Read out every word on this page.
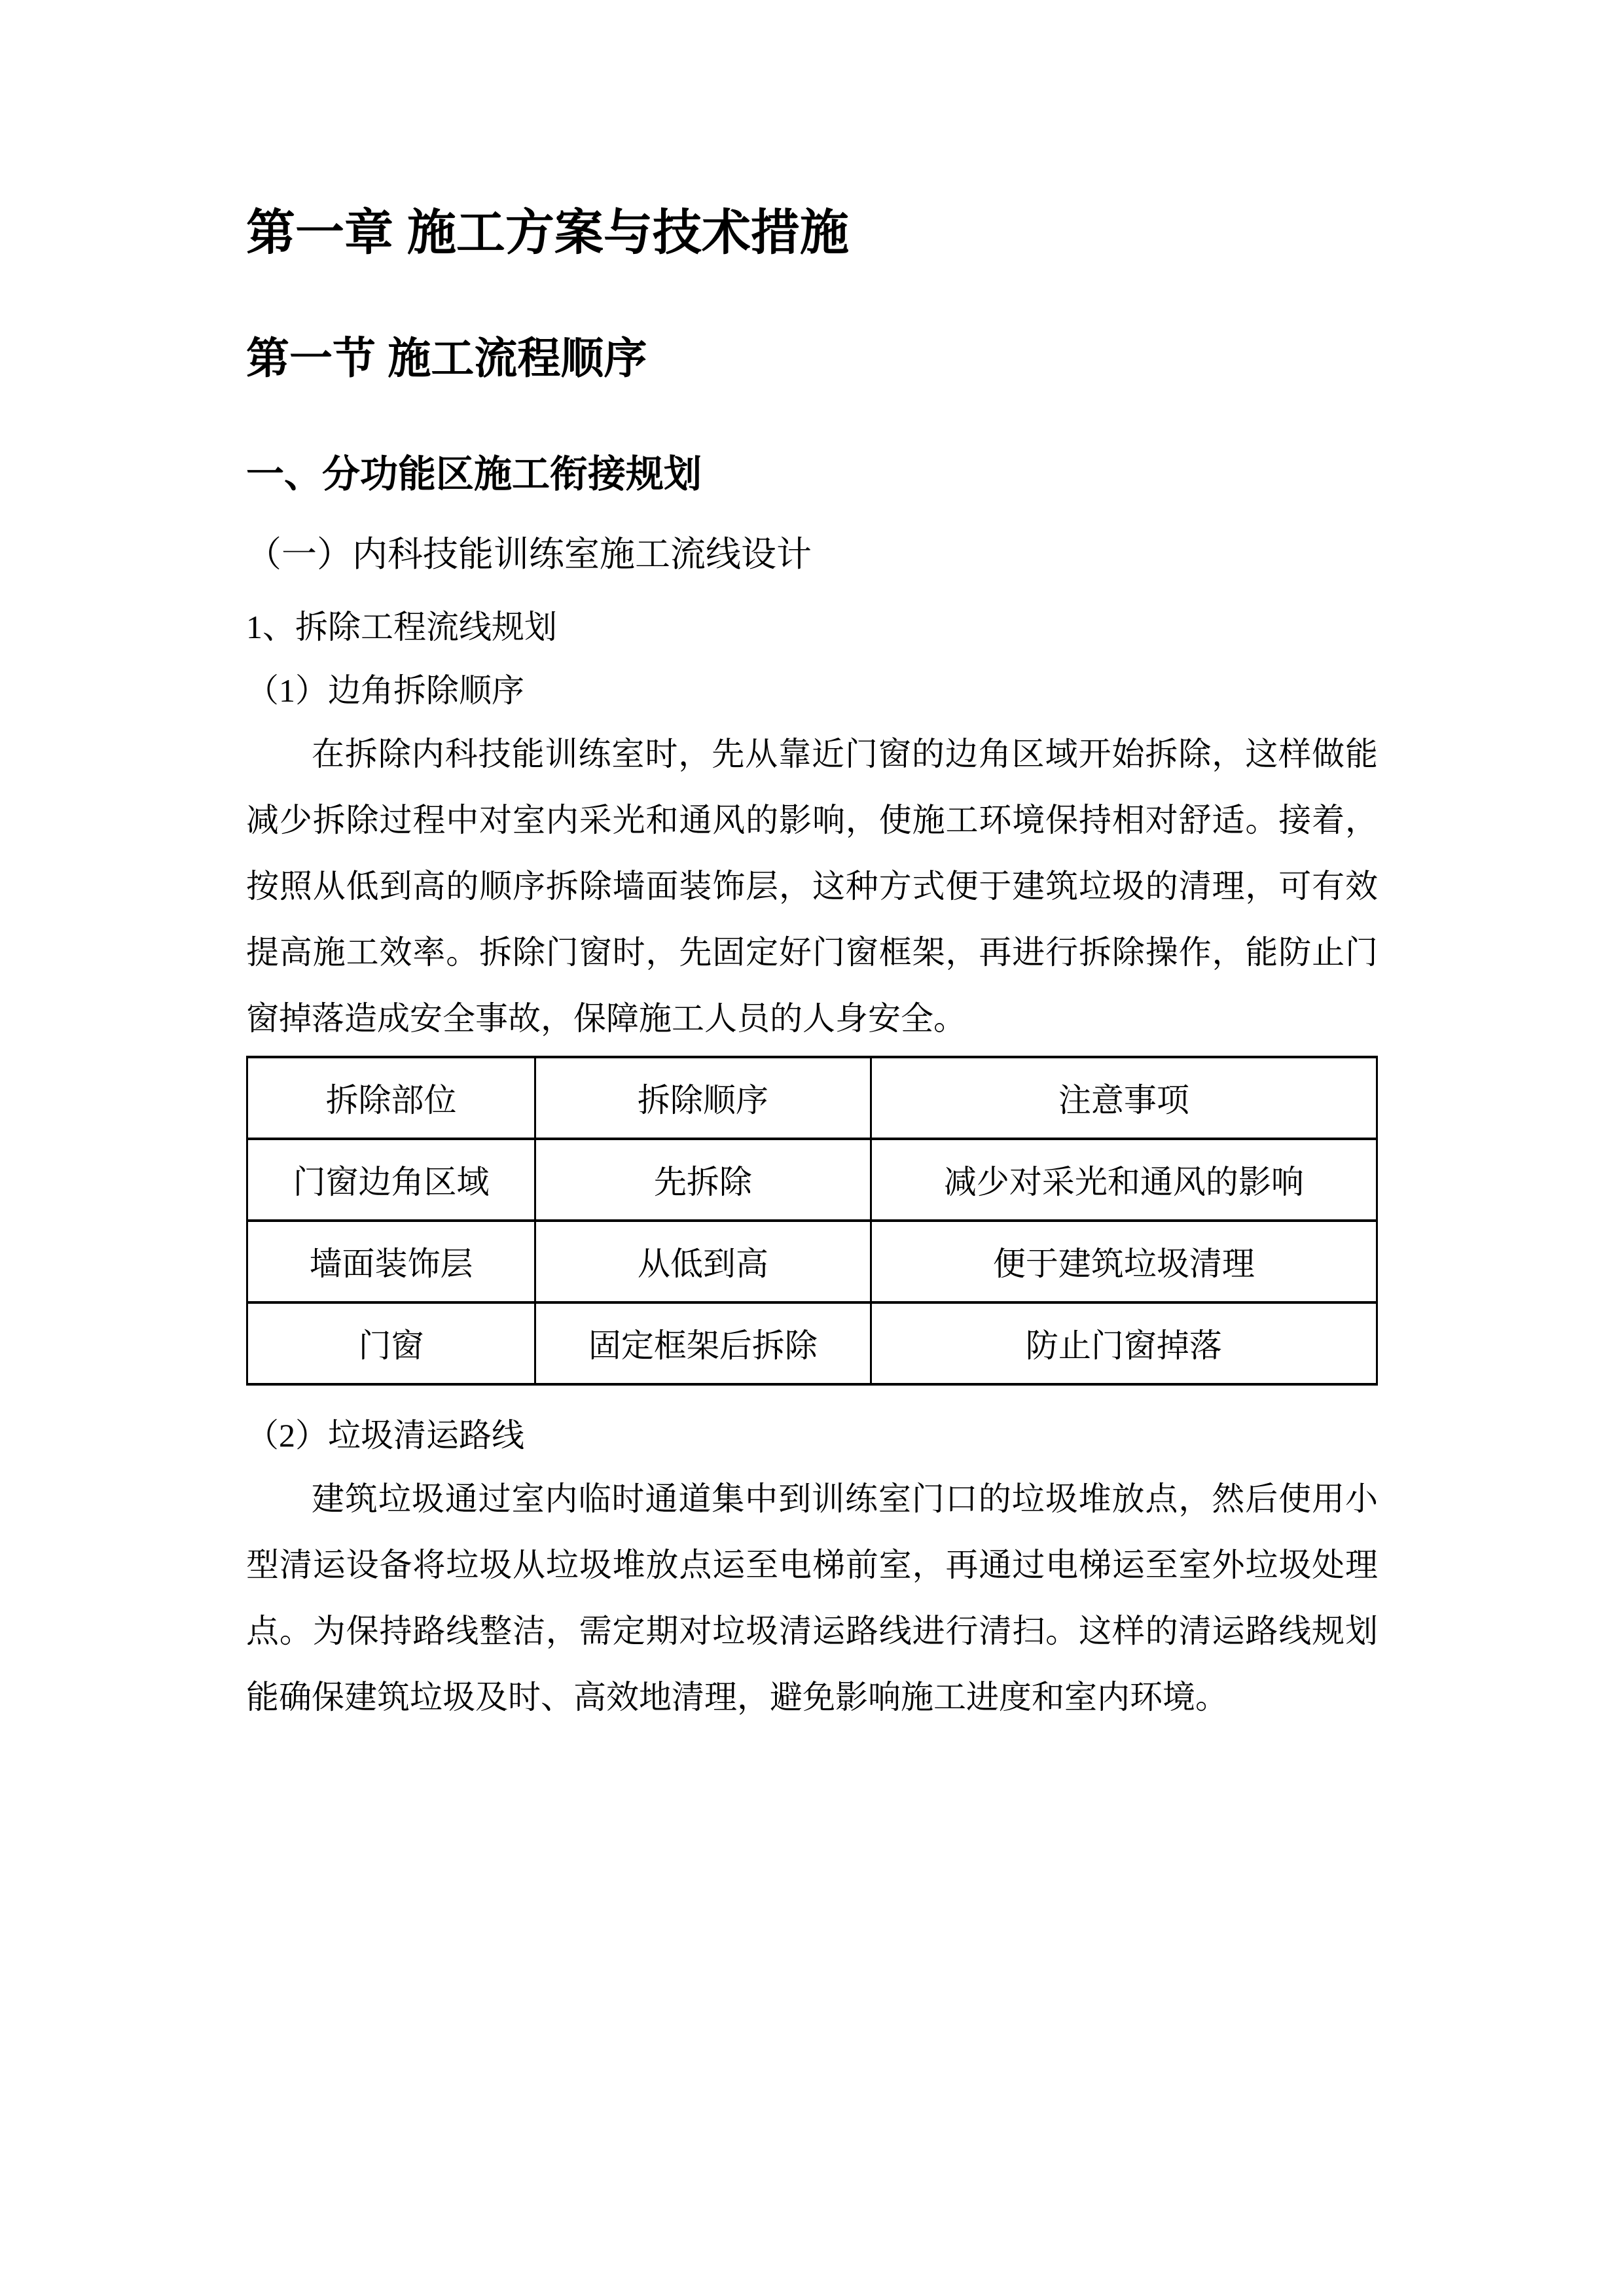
第一章 施工方案与技术措施
第一节 施工流程顺序
一、分功能区施工衔接规划
（一）内科技能训练室施工流线设计
1、拆除工程流线规划
（1）边角拆除顺序

在拆除内科技能训练室时，先从靠近门窗的边角区域开始拆除，这样做能减少拆除过程中对室内采光和通风的影响，使施工环境保持相对舒适。接着，按照从低到高的顺序拆除墙面装饰层，这种方式便于建筑垃圾的清理，可有效提高施工效率。拆除门窗时，先固定好门窗框架，再进行拆除操作，能防止门窗掉落造成安全事故，保障施工人员的人身安全。

拆除部位	拆除顺序	注意事项
门窗边角区域	先拆除	减少对采光和通风的影响
墙面装饰层	从低到高	便于建筑垃圾清理
门窗	固定框架后拆除	防止门窗掉落
（2）垃圾清运路线

建筑垃圾通过室内临时通道集中到训练室门口的垃圾堆放点，然后使用小型清运设备将垃圾从垃圾堆放点运至电梯前室，再通过电梯运至室外垃圾处理点。为保持路线整洁，需定期对垃圾清运路线进行清扫。这样的清运路线规划能确保建筑垃圾及时、高效地清理，避免影响施工进度和室内环境。
